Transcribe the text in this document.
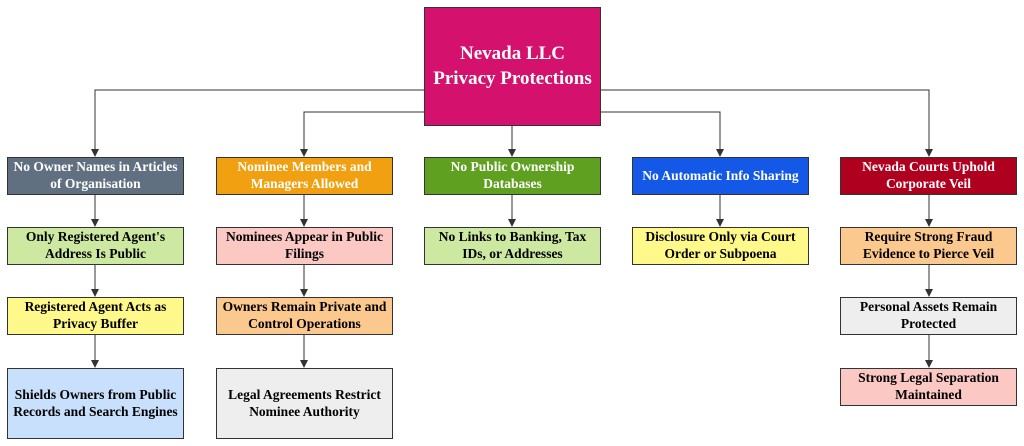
Nevada LLC Privacy Protections
No Owner Names in Articles of Organisation
Only Registered Agent's Address Is Public
Registered Agent Acts as Privacy Buffer
Shields Owners from Public Records and Search Engines
Nominee Members and Managers Allowed
Nominees Appear in Public Filings
Owners Remain Private and Control Operations
Legal Agreements Restrict Nominee Authority
No Public Ownership Databases
No Links to Banking, Tax IDs, or Addresses
No Automatic Info Sharing
Disclosure Only via Court Order or Subpoena
Nevada Courts Uphold Corporate Veil
Require Strong Fraud Evidence to Pierce Veil
Personal Assets Remain Protected
Strong Legal Separation Maintained
